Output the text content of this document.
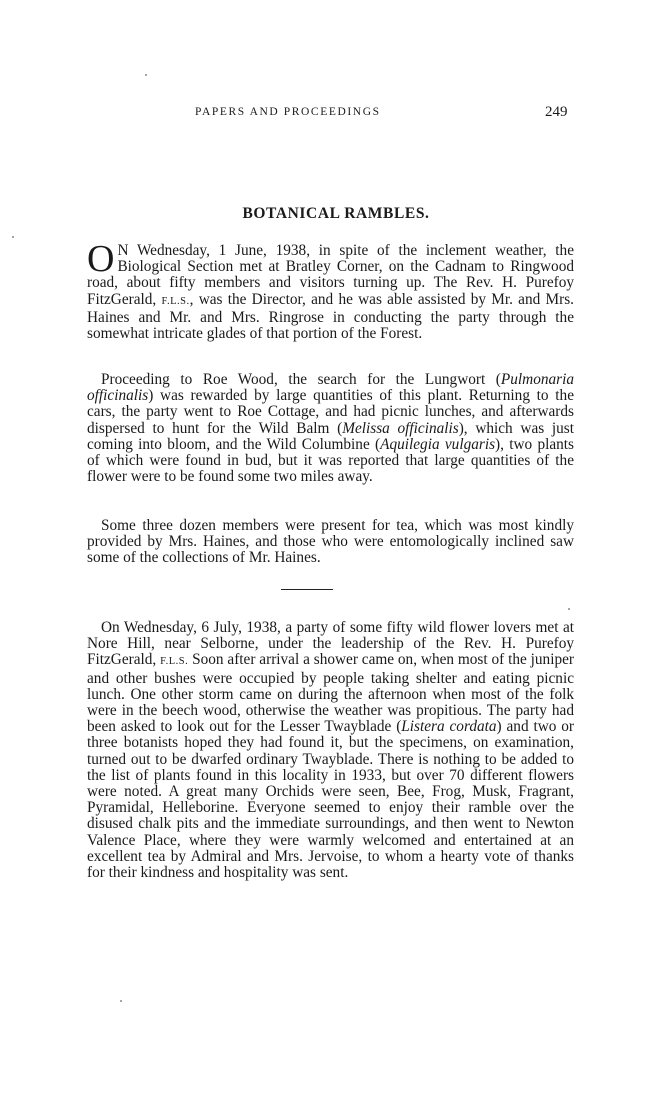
PAPERS AND PROCEEDINGS	249
BOTANICAL RAMBLES.

O N Wednesday, 1 June, 1938, in spite of the inclement weather, the Biological Section met at Bratley Corner, on the Cadnam to Ringwood road, about fifty members and visitors turning up. The Rev. H. Purefoy FitzGerald, F.L.S., was the Director, and he was able assisted by Mr. and Mrs. Haines and Mr. and Mrs. Ringrose in conducting the party through the somewhat intricate glades of that portion of the Forest.

Proceeding to Roe Wood, the search for the Lungwort (Pulmonaria officinalis) was rewarded by large quantities of this plant. Returning to the cars, the party went to Roe Cottage, and had picnic lunches, and afterwards dispersed to hunt for the Wild Balm (Melissa officinalis), which was just coming into bloom, and the Wild Columbine (Aquilegia vulgaris), two plants of which were found in bud, but it was reported that large quantities of the flower were to be found some two miles away.

Some three dozen members were present for tea, which was most kindly provided by Mrs. Haines, and those who were entomologically inclined saw some of the collections of Mr. Haines.

On Wednesday, 6 July, 1938, a party of some fifty wild flower lovers met at Nore Hill, near Selborne, under the leadership of the Rev. H. Purefoy FitzGerald, F.L.S. Soon after arrival a shower came on, when most of the juniper and other bushes were occupied by people taking shelter and eating picnic lunch. One other storm came on during the afternoon when most of the folk were in the beech wood, otherwise the weather was propitious. The party had been asked to look out for the Lesser Twayblade (Listera cordata) and two or three botanists hoped they had found it, but the specimens, on examination, turned out to be dwarfed ordinary Twayblade. There is nothing to be added to the list of plants found in this locality in 1933, but over 70 different flowers were noted. A great many Orchids were seen, Bee, Frog, Musk, Fragrant, Pyramidal, Helleborine. Everyone seemed to enjoy their ramble over the disused chalk pits and the immediate surroundings, and then went to Newton Valence Place, where they were warmly welcomed and entertained at an excellent tea by Admiral and Mrs. Jervoise, to whom a hearty vote of thanks for their kindness and hospitality was sent.
